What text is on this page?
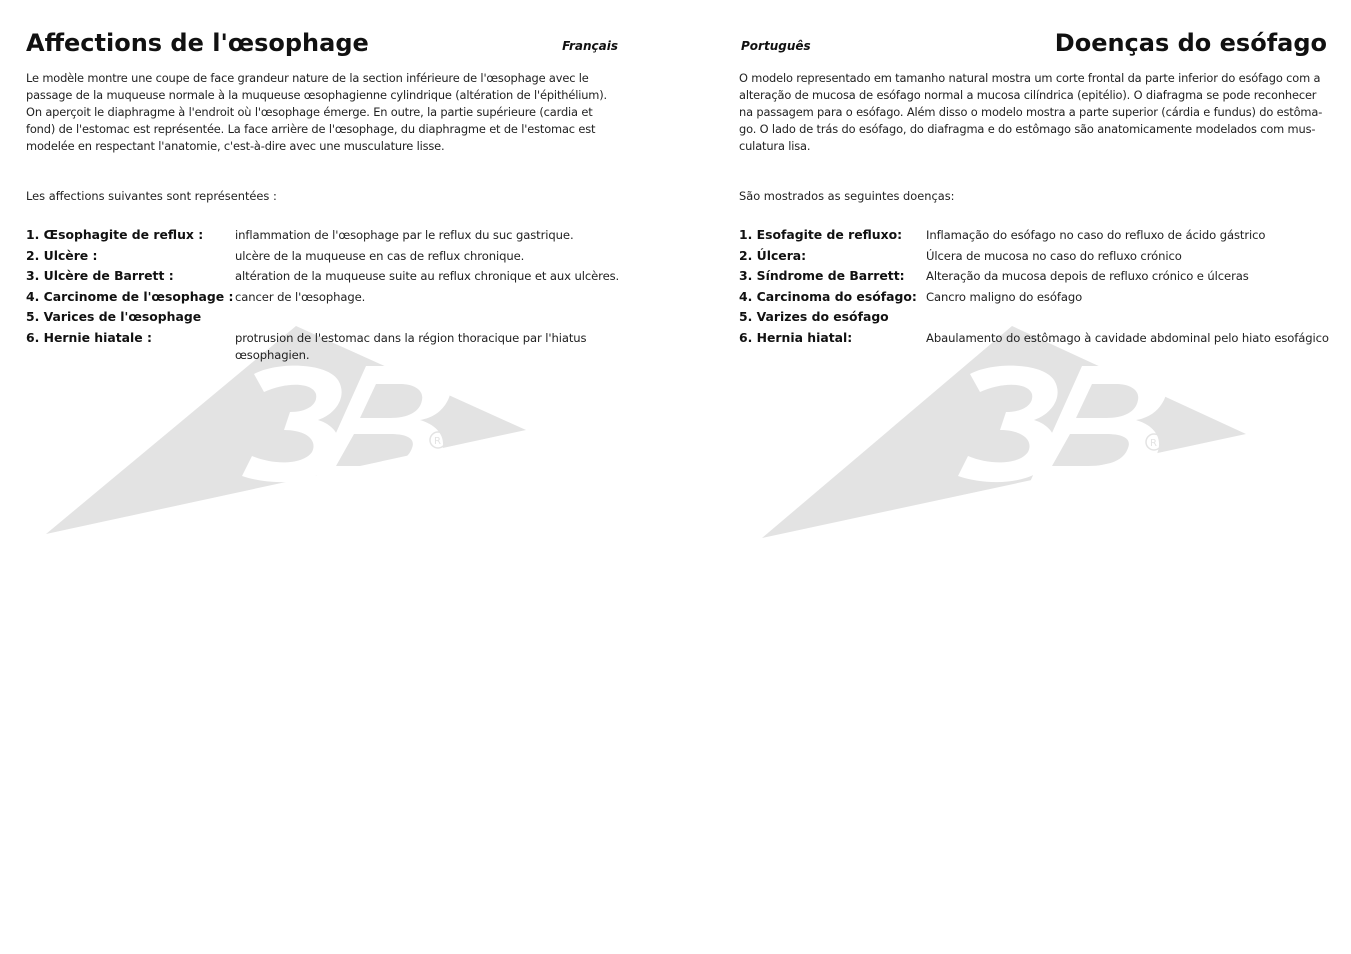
R	R
Affections de l'œsophage	Français

Le modèle montre une coupe de face grandeur nature de la section inférieure de l'œsophage avec le
passage de la muqueuse normale à la muqueuse œsophagienne cylindrique (altération de l'épithélium).
On aperçoit le diaphragme à l'endroit où l'œsophage émerge. En outre, la partie supérieure (cardia et
fond) de l'estomac est représentée. La face arrière de l'œsophage, du diaphragme et de l'estomac est
modelée en respectant l'anatomie, c'est-à-dire avec une musculature lisse.

Les affections suivantes sont représentées :

1. Œsophagite de reflux :	inflammation de l'œsophage par le reflux du suc gastrique.
2. Ulcère :	ulcère de la muqueuse en cas de reflux chronique.
3. Ulcère de Barrett :	altération de la muqueuse suite au reflux chronique et aux ulcères.
4. Carcinome de l'œsophage : cancer de l'œsophage.
5. Varices de l'œsophage
6. Hernie hiatale :	protrusion de l'estomac dans la région thoracique par l'hiatus œsophagien.
Português	Doenças do esófago

O modelo representado em tamanho natural mostra um corte frontal da parte inferior do esófago com a
alteração de mucosa de esófago normal a mucosa cilíndrica (epitélio). O diafragma se pode reconhecer
na passagem para o esófago. Além disso o modelo mostra a parte superior (cárdia e fundus) do estôma-
go. O lado de trás do esófago, do diafragma e do estômago são anatomicamente modelados com mus-
culatura lisa.

São mostrados as seguintes doenças:

1. Esofagite de refluxo:	Inflamação do esófago no caso do refluxo de ácido gástrico
2. Úlcera:	Úlcera de mucosa no caso do refluxo crónico
3. Síndrome de Barrett:	Alteração da mucosa depois de refluxo crónico e úlceras
4. Carcinoma do esófago: Cancro maligno do esófago
5. Varizes do esófago
6. Hernia hiatal:	Abaulamento do estômago à cavidade abdominal pelo hiato esofágico
